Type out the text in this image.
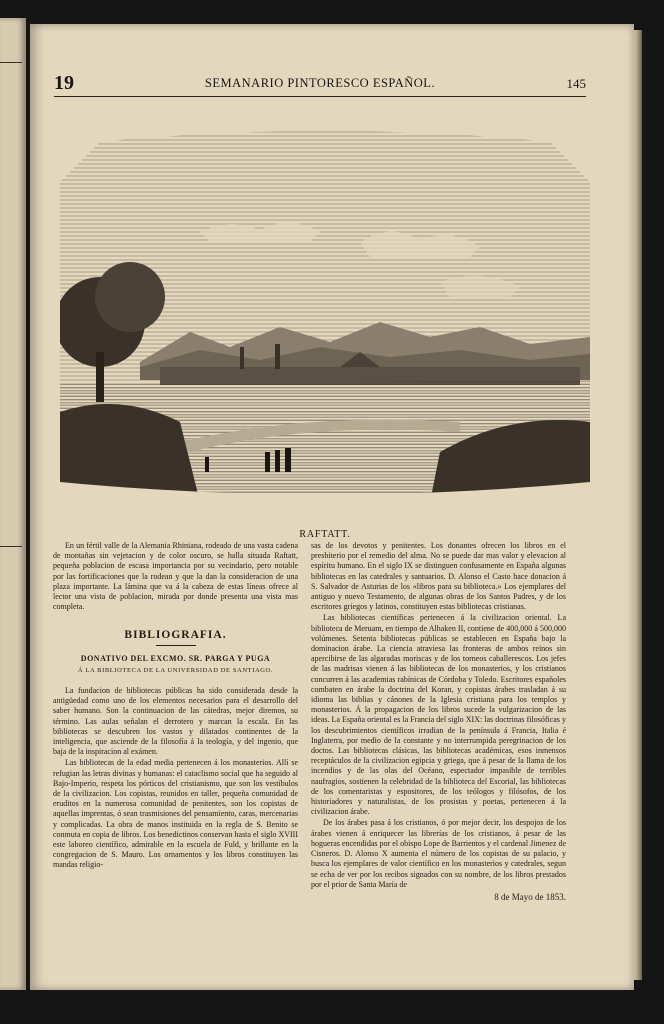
19	SEMANARIO PINTORESCO ESPAÑOL.	145
RAFTATT.

En un fértil valle de la Alemania Rhiniana, rodeado de una vasta cadena de montañas sin vejetacion y de color oscuro, se halla situada Raftatt, pequeña poblacion de escasa importancia por su vecindario, pero notable por las fortificaciones que la rodean y que la dan la consideracion de una plaza importante. La lámina que va á la cabeza de estas líneas ofrece al lector una vista de poblacion, mirada por donde presenta una vista mas completa.

BIBLIOGRAFIA.
DONATIVO DEL EXCMO. SR. PARGA Y PUGA
Á LA BIBLIOTECA DE LA UNIVERSIDAD DE SANTIAGO.

La fundacion de bibliotecas públicas ha sido considerada desde la antigüedad como uno de los elementos necesarios para el desarrollo del saber humano. Son la continuacion de las cátedras, mejor diremos, su término. Las aulas señalan el derrotero y marcan la escala. En las bibliotecas se descubren los vastos y dilatados continentes de la inteligencia, que asciende de la filosofía á la teología, y del ingenio, que baja de la inspiracion al exámen.

Las bibliotecas de la edad media pertenecen á los monasterios. Allí se refugian las letras divinas y humanas: el cataclismo social que ha seguido al Bajo-Imperio, respeta los pórticos del cristianismo, que son los vestíbulos de la civilizacion. Los copistas, reunidos en taller, pequeña comunidad de eruditos en la numerosa comunidad de penitentes, son los copistas de aquellas imprentas, ó sean trasmisiones del pensamiento, caras, mercenarias y complicadas. La obra de manos instituida en la regla de S. Benito se conmuta en copia de libros. Los benedictinos conservan hasta el siglo XVIII este laboreo científico, admirable en la escuela de Fuld, y brillante en la congregacion de S. Mauro. Los ornamentos y los libros constituyen las mandas religio-

sas de los devotos y penitentes. Los donantes ofrecen los libros en el presbiterio por el remedio del alma. No se puede dar mas valor y elevacion al espíritu humano. En el siglo IX se distinguen confusamente en España algunas bibliotecas en las catedrales y santuarios. D. Alonso el Casto hace donacion á S. Salvador de Asturias de los «libros para su biblioteca.» Los ejemplares del antiguo y nuevo Testamento, de algunas obras de los Santos Padres, y de los escritores griegos y latinos, constituyen estas bibliotecas cristianas.

Las bibliotecas científicas pertenecen á la civilizacion oriental. La biblioteca de Meruam, en tiempo de Alhaken II, contiene de 400,000 á 500,000 volúmenes. Setenta bibliotecas públicas se establecen en España bajo la dominacion árabe. La ciencia atraviesa las fronteras de ambos reinos sin apercibirse de las algaradas moriscas y de los torneos caballerescos. Los jefes de las madrisas vienen á las bibliotecas de los monasterios, y los cristianos concurren á las academias rabínicas de Córdoba y Toledo. Escritores españoles combaten en árabe la doctrina del Koran, y copistas árabes trasladan á su idioma las biblias y cánones de la Iglesia cristiana para los templos y monasterios. Á la propagacion de los libros sucede la vulgarizacion de las ideas. La España oriental es la Francia del siglo XIX: las doctrinas filosóficas y los descubrimientos científicos irradian de la península á Francia, Italia é Inglaterra, por medio de la constante y no interrumpida peregrinacion de los doctos. Las bibliotecas clásicas, las bibliotecas académicas, esos inmensos receptáculos de la civilizacion egipcia y griega, que á pesar de la llama de los incendios y de las olas del Océano, espectador impasible de terribles naufragios, sostienen la celebridad de la biblioteca del Escorial, las bibliotecas de los comentaristas y espositores, de los teólogos y filósofos, de los historiadores y naturalistas, de los prosistas y poetas, pertenecen á la civilizacion árabe.

De los árabes pasa á los cristianos, ó por mejor decir, los despojos de los árabes vienen á enriquecer las librerías de los cristianos, á pesar de las hogueras encendidas por el obispo Lope de Barrientos y el cardenal Jimenez de Cisneros. D. Alonso X aumenta el número de los copistas de su palacio, y busca los ejemplares de valor científico en los monasterios y catedrales, segun se echa de ver por los recibos signados con su nombre, de los libros prestados por el prior de Santa María de

8 de Mayo de 1853.
